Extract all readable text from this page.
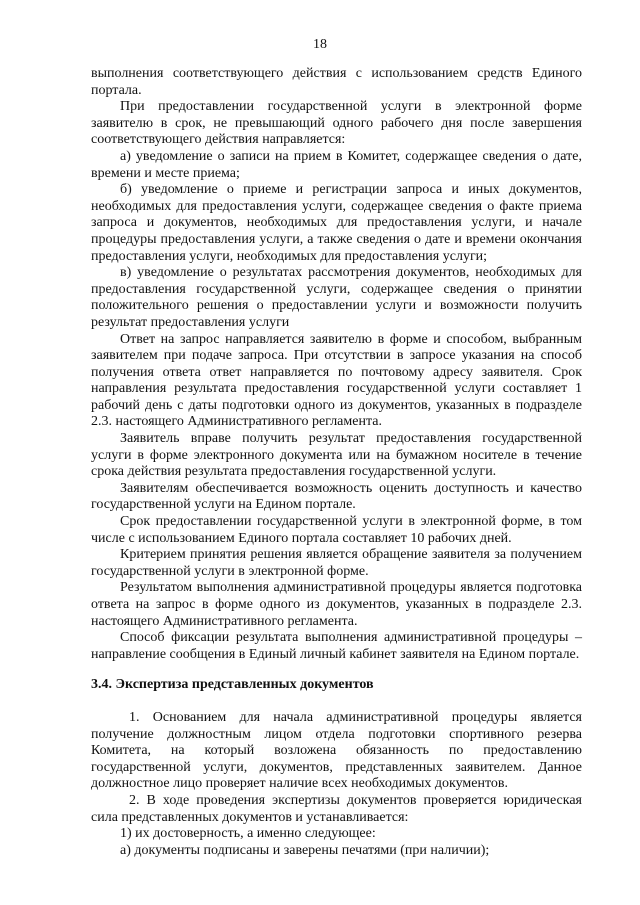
18

выполнения соответствующего действия с использованием средств Единого портала.

При предоставлении государственной услуги в электронной форме заявителю в срок, не превышающий одного рабочего дня после завершения соответствующего действия направляется:

а) уведомление о записи на прием в Комитет, содержащее сведения о дате, времени и месте приема;

б) уведомление о приеме и регистрации запроса и иных документов, необходимых для предоставления услуги, содержащее сведения о факте приема запроса и документов, необходимых для предоставления услуги, и начале процедуры предоставления услуги, а также сведения о дате и времени окончания предоставления услуги, необходимых для предоставления услуги;

в) уведомление о результатах рассмотрения документов, необходимых для предоставления государственной услуги, содержащее сведения о принятии положительного решения о предоставлении услуги и возможности получить результат предоставления услуги

Ответ на запрос направляется заявителю в форме и способом, выбранным заявителем при подаче запроса. При отсутствии в запросе указания на способ получения ответа ответ направляется по почтовому адресу заявителя. Срок направления результата предоставления государственной услуги составляет 1 рабочий день с даты подготовки одного из документов, указанных в подразделе 2.3. настоящего Административного регламента.

Заявитель вправе получить результат предоставления государственной услуги в форме электронного документа или на бумажном носителе в течение срока действия результата предоставления государственной услуги.

Заявителям обеспечивается возможность оценить доступность и качество государственной услуги на Едином портале.

Срок предоставлении государственной услуги в электронной форме, в том числе с использованием Единого портала составляет 10 рабочих дней.

Критерием принятия решения является обращение заявителя за получением государственной услуги в электронной форме.

Результатом выполнения административной процедуры является подготовка ответа на запрос в форме одного из документов, указанных в подразделе 2.3. настоящего Административного регламента.

Способ фиксации результата выполнения административной процедуры – направление сообщения в Единый личный кабинет заявителя на Едином портале.

3.4. Экспертиза представленных документов

1. Основанием для начала административной процедуры является получение должностным лицом отдела подготовки спортивного резерва Комитета, на который возложена обязанность по предоставлению государственной услуги, документов, представленных заявителем. Данное должностное лицо проверяет наличие всех необходимых документов.

2. В ходе проведения экспертизы документов проверяется юридическая сила представленных документов и устанавливается:

1) их достоверность, а именно следующее:

а) документы подписаны и заверены печатями (при наличии);
